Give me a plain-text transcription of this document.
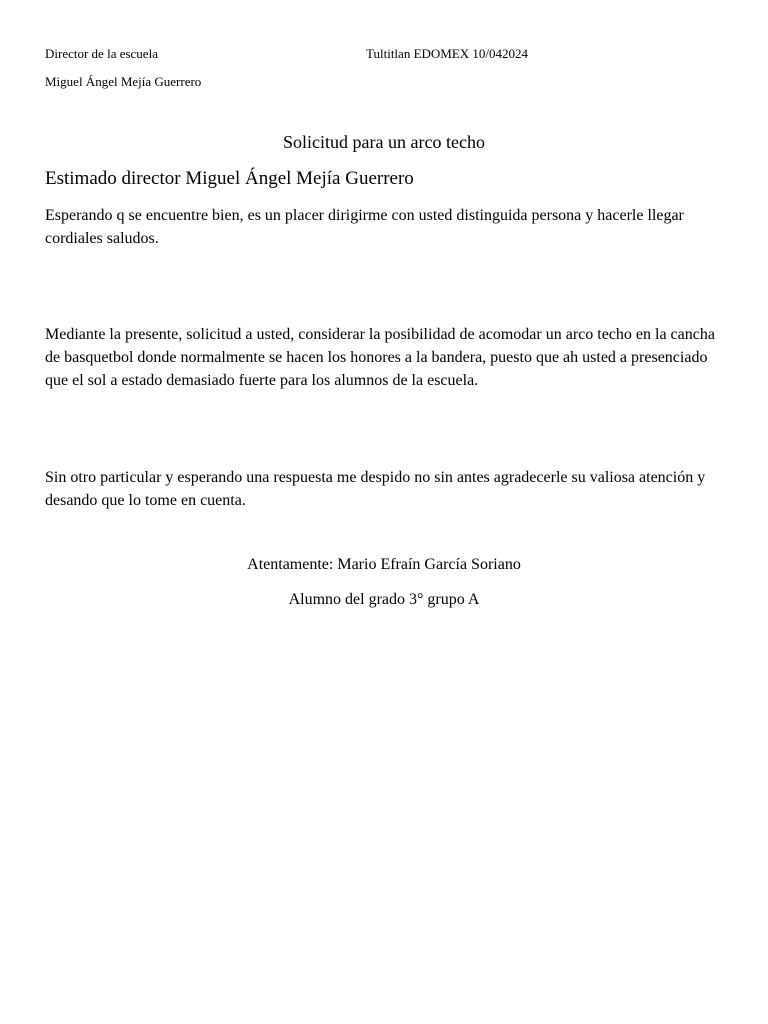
Director de la escuela	Tultitlan EDOMEX 10/042024
Miguel Ángel Mejía Guerrero
Solicitud para un arco techo
Estimado director Miguel Ángel Mejía Guerrero
Esperando q se encuentre bien, es un placer dirigirme con usted distinguida persona y hacerle llegar cordiales saludos.
Mediante la presente, solicitud a usted, considerar la posibilidad de acomodar un arco techo en la cancha de basquetbol donde normalmente se hacen los honores a la bandera, puesto que ah usted a presenciado que el sol a estado demasiado fuerte para los alumnos de la escuela.
Sin otro particular y esperando una respuesta me despido no sin antes agradecerle su valiosa atención y desando que lo tome en cuenta.
Atentamente: Mario Efraín García Soriano
Alumno del grado 3° grupo A
